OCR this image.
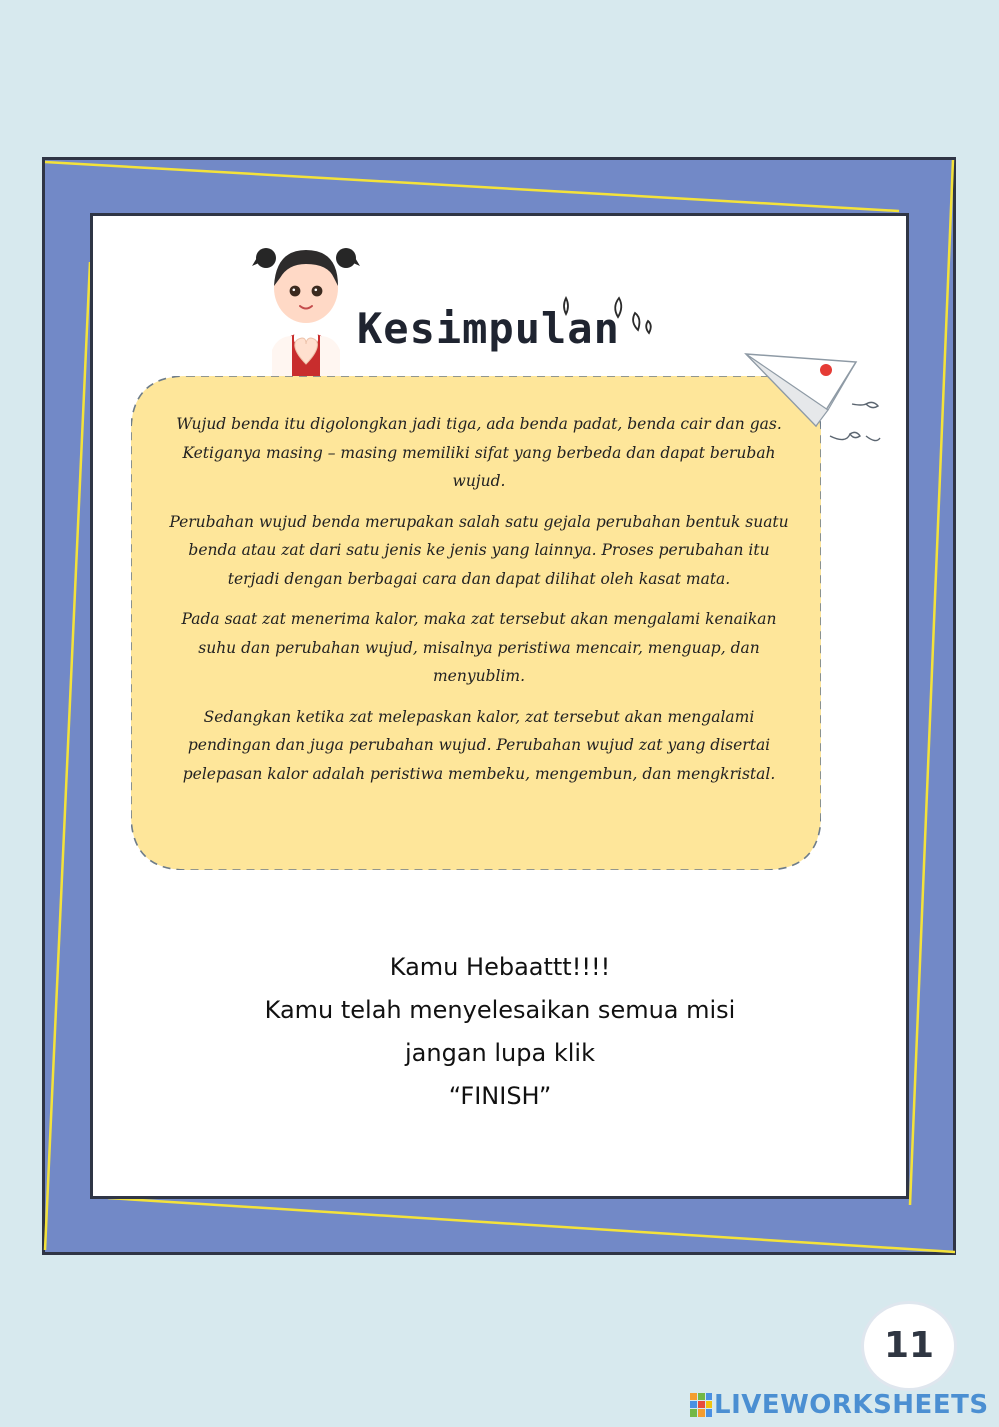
Kesimpulan

Wujud benda itu digolongkan jadi tiga, ada benda padat, benda cair dan gas. Ketiganya masing – masing memiliki sifat yang berbeda dan dapat berubah wujud.

Perubahan wujud benda merupakan salah satu gejala perubahan bentuk suatu benda atau zat dari satu jenis ke jenis yang lainnya. Proses perubahan itu terjadi dengan berbagai cara dan dapat dilihat oleh kasat mata.

Pada saat zat menerima kalor, maka zat tersebut akan mengalami kenaikan suhu dan perubahan wujud, misalnya peristiwa mencair, menguap, dan menyublim.

Sedangkan ketika zat melepaskan kalor, zat tersebut akan mengalami pendingan dan juga perubahan wujud. Perubahan wujud zat yang disertai pelepasan kalor adalah peristiwa membeku, mengembun, dan mengkristal.

Kamu Hebaattt!!!!
Kamu telah menyelesaikan semua misi
jangan lupa klik
“FINISH”
11
LIVEWORKSHEETS
